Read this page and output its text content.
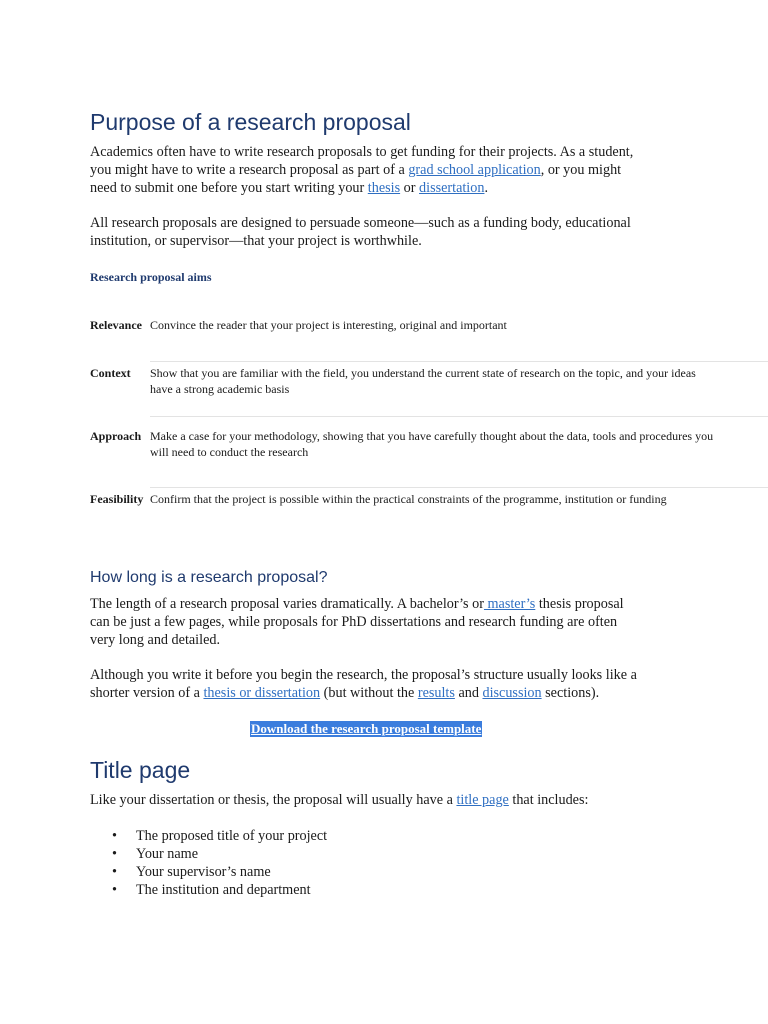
Purpose of a research proposal
Academics often have to write research proposals to get funding for their projects. As a student,
you might have to write a research proposal as part of a grad school application, or you might
need to submit one before you start writing your thesis or dissertation.
All research proposals are designed to persuade someone—such as a funding body, educational
institution, or supervisor—that your project is worthwhile.
Research proposal aims
Relevance Convince the reader that your project is interesting, original and important
Context	Show that you are familiar with the field, you understand the current state of research on the topic, and your ideas
have a strong academic basis
Approach Make a case for your methodology, showing that you have carefully thought about the data, tools and procedures you
will need to conduct the research
Feasibility Confirm that the project is possible within the practical constraints of the programme, institution or funding
How long is a research proposal?
The length of a research proposal varies dramatically. A bachelor’s or master’s thesis proposal
can be just a few pages, while proposals for PhD dissertations and research funding are often
very long and detailed.
Although you write it before you begin the research, the proposal’s structure usually looks like a
shorter version of a thesis or dissertation (but without the results and discussion sections).
Download the research proposal template
Title page
Like your dissertation or thesis, the proposal will usually have a title page that includes:
• The proposed title of your project
• Your name
• Your supervisor’s name
• The institution and department
